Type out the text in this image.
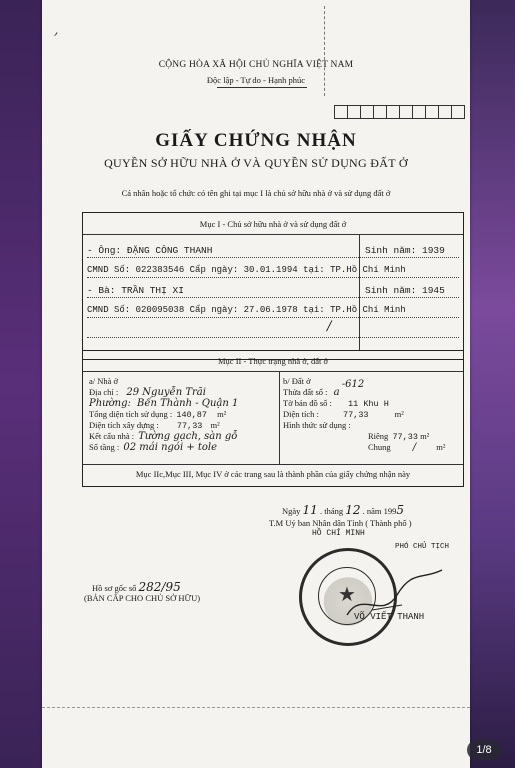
CỘNG HÒA XÃ HỘI CHỦ NGHĨA VIỆT NAM
Độc lập - Tự do - Hạnh phúc
GIẤY CHỨNG NHẬN
QUYỀN SỞ HỮU NHÀ Ở VÀ QUYỀN SỬ DỤNG ĐẤT Ở
Cá nhân hoặc tổ chức có tên ghi tại mục I là chủ sở hữu nhà ở và sử dụng đất ở
Mục I - Chủ sở hữu nhà ở và sử dụng đất ở
- Ông: ĐẶNG CÔNG THANH	Sinh năm: 1939
CMND Số: 022383546 Cấp ngày: 30.01.1994 tại: TP.Hồ Chí Minh
- Bà: TRẦN THỊ XI	Sinh năm: 1945
CMND Số: 020095038 Cấp ngày: 27.06.1978 tại: TP.Hồ Chí Minh
/
Mục II - Thực trạng nhà ở, đất ở
a/ Nhà ở
Địa chỉ : 29 Nguyễn Trãi
Phường: Bến Thành - Quận 1
Tổng diện tích sử dụng : 140,87 m²
Diện tích xây dựng : 77,33 m²
Kết cấu nhà : Tường gạch, sàn gỗ
Số tầng : 02 mái ngói + tole
b/ Đất ở
Thửa đất số : a -612
Tờ bản đồ số : 11 Khu H
Diện tích :	77,33	m²
Hình thức sử dụng :
Riêng 77,33 m²
Chung / m²
Mục IIc,Mục III, Mục IV ở các trang sau là thành phần của giấy chứng nhận này
Ngày 11 . tháng 12 . năm 1995
T.M Uỷ ban Nhân dân Tỉnh ( Thành phố )
HỒ CHÍ MINH
PHÓ CHỦ TỊCH
★
VÕ VIẾT THANH
Hồ sơ gốc số 282/95
(BẢN CẤP CHO CHỦ SỞ HỮU)
,
1/8
